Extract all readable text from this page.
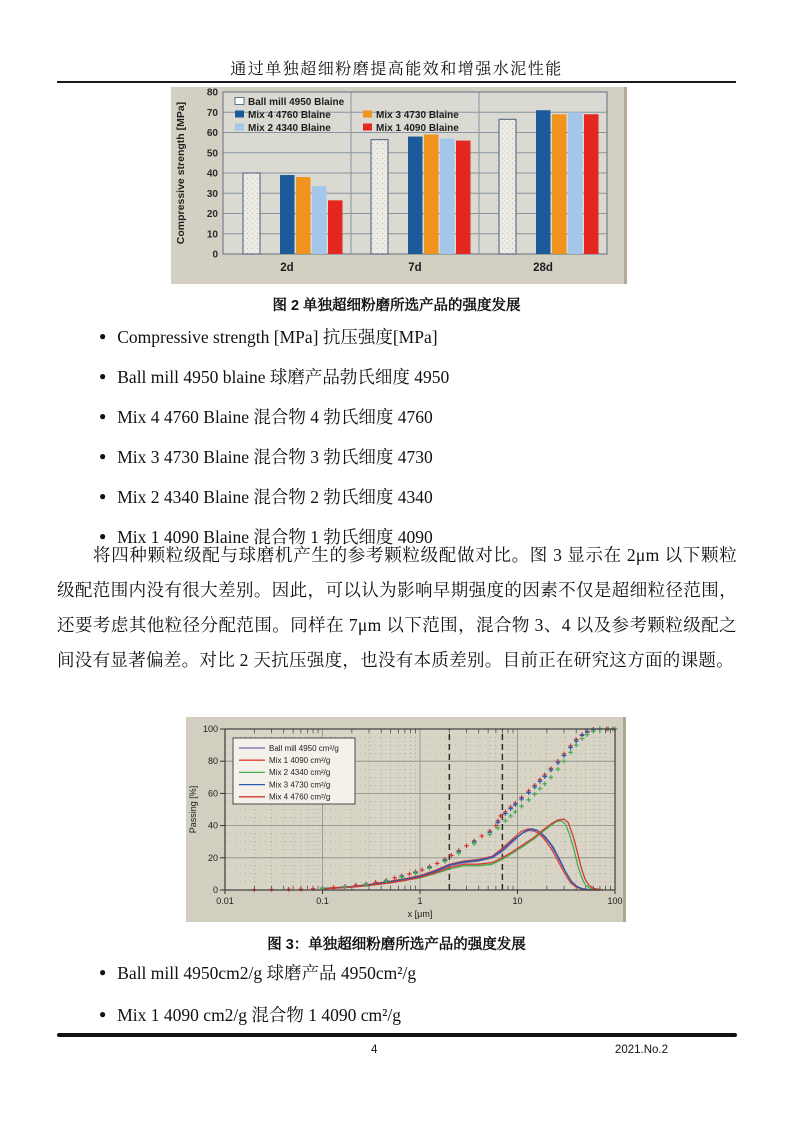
通过单独超细粉磨提高能效和增强水泥性能
0
10
20
30
40
50
60
70
80
2d	7d	28d
Compressive strength [MPa]	Ball mill 4950 Blaine
Mix 4 4760 Blaine	Mix 3 4730 Blaine
Mix 2 4340 Blaine	Mix 1 4090 Blaine
图 2 单独超细粉磨所选产品的强度发展
● Compressive strength [MPa] 抗压强度[MPa]
● Ball mill 4950 blaine 球磨产品勃氏细度 4950
● Mix 4 4760 Blaine 混合物 4 勃氏细度 4760
● Mix 3 4730 Blaine 混合物 3 勃氏细度 4730
● Mix 2 4340 Blaine 混合物 2 勃氏细度 4340
● Mix 1 4090 Blaine 混合物 1 勃氏细度 4090
将四种颗粒级配与球磨机产生的参考颗粒级配做对比。图 3 显示在 2μm 以下颗粒级配范围内没有很大差别。因此，可以认为影响早期强度的因素不仅是超细粒径范围，还要考虑其他粒径分配范围。同样在 7μm 以下范围，混合物 3、4 以及参考颗粒级配之间没有显著偏差。对比 2 天抗压强度，也没有本质差别。目前正在研究这方面的课题。
0
20
40
60
80
100
0.01	0.1	1	10	100
Ball mill 4950 cm²/g
Mix 1 4090 cm²/g
Mix 2 4340 cm²/g
Mix 3 4730 cm²/g
Mix 4 4760 cm²/g
x [μm]
Passing [%]
图 3：单独超细粉磨所选产品的强度发展
● Ball mill 4950cm2/g 球磨产品 4950cm²/g
● Mix 1 4090 cm2/g 混合物 1 4090 cm²/g
4	2021.No.2
